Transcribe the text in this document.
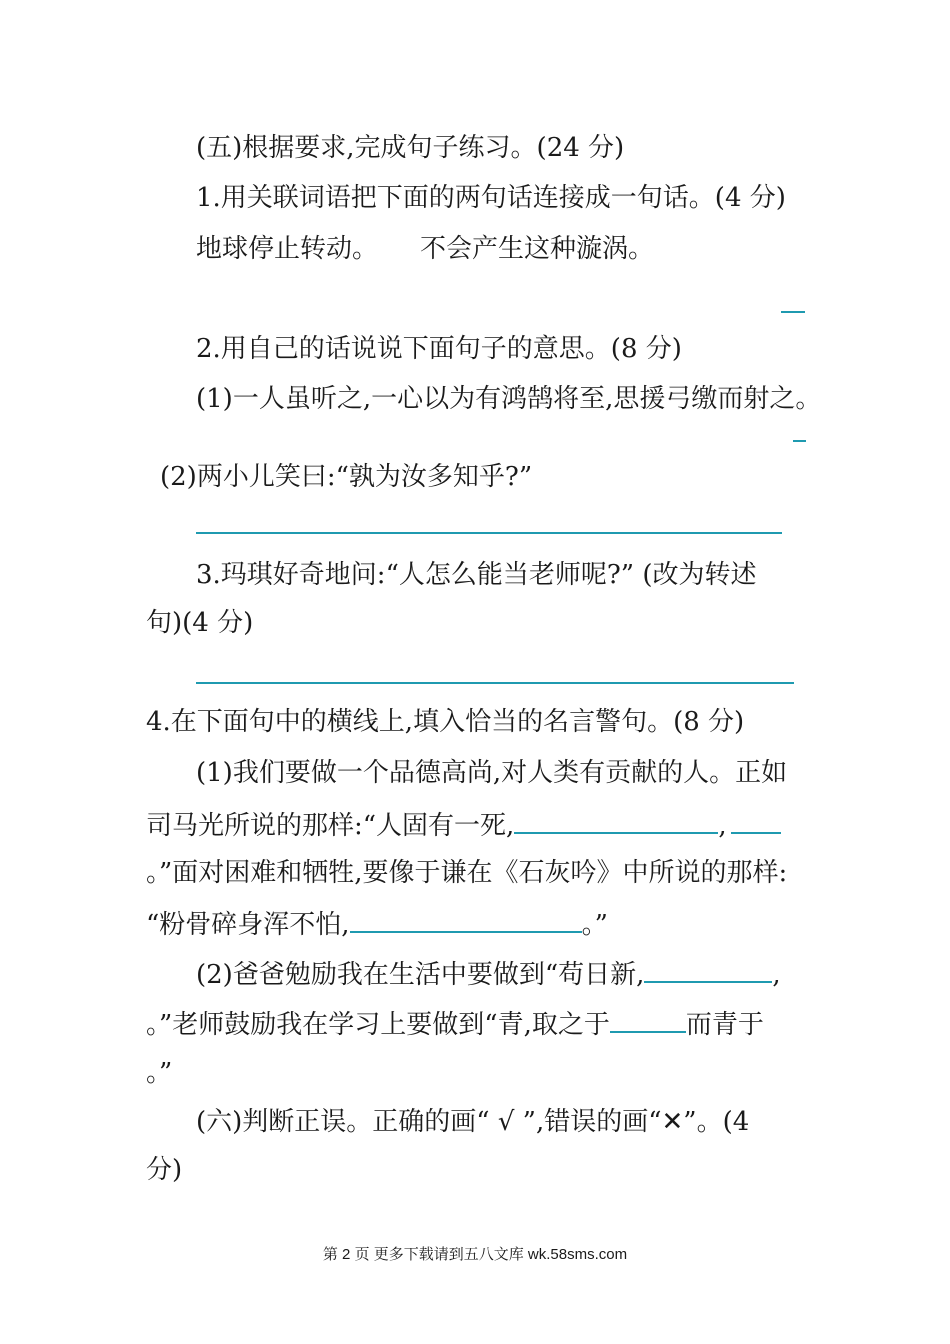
(五)根据要求,完成句子练习。(24 分)
1.用关联词语把下面的两句话连接成一句话。(4 分)
地球停止转动。 不会产生这种漩涡。
2.用自己的话说说下面句子的意思。(8 分)
(1)一人虽听之,一心以为有鸿鹄将至,思援弓缴而射之。
(2)两小儿笑曰:“孰为汝多知乎?”
3.玛琪好奇地问:“人怎么能当老师呢?” (改为转述
句)(4 分)
4.在下面句中的横线上,填入恰当的名言警句。(8 分)
(1)我们要做一个品德高尚,对人类有贡献的人。正如
司马光所说的那样:“人固有一死,	,
。”面对困难和牺牲,要像于谦在《石灰吟》中所说的那样:
“粉骨碎身浑不怕,	。”
(2)爸爸勉励我在生活中要做到“苟日新,	,
。”老师鼓励我在学习上要做到“青,取之于	而青于
。”
(六)判断正误。正确的画“ √ ”,错误的画“✕”。(4
分)
第 2 页 更多下载请到五八文库 wk.58sms.com
